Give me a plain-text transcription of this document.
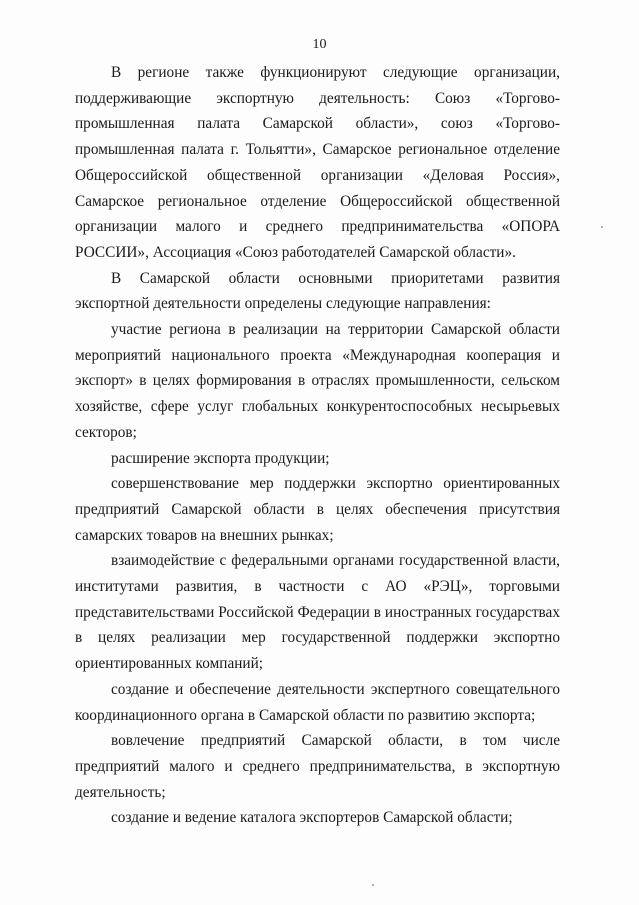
10

В регионе также функционируют следующие организации, поддерживающие экспортную деятельность: Союз «Торгово-промышленная палата Самарской области», союз «Торгово-промышленная палата г. Тольятти», Самарское региональное отделение Общероссийской общественной организации «Деловая Россия», Самарское региональное отделение Общероссийской общественной организации малого и среднего предпринимательства «ОПОРА РОССИИ», Ассоциация «Союз работодателей Самарской области».

В Самарской области основными приоритетами развития экспортной деятельности определены следующие направления:

участие региона в реализации на территории Самарской области мероприятий национального проекта «Международная кооперация и экспорт» в целях формирования в отраслях промышленности, сельском хозяйстве, сфере услуг глобальных конкурентоспособных несырьевых секторов;

расширение экспорта продукции;

совершенствование мер поддержки экспортно ориентированных предприятий Самарской области в целях обеспечения присутствия самарских товаров на внешних рынках;

взаимодействие с федеральными органами государственной власти, институтами развития, в частности с АО «РЭЦ», торговыми представительствами Российской Федерации в иностранных государствах в целях реализации мер государственной поддержки экспортно ориентированных компаний;

создание и обеспечение деятельности экспертного совещательного координационного органа в Самарской области по развитию экспорта;

вовлечение предприятий Самарской области, в том числе предприятий малого и среднего предпринимательства, в экспортную деятельность;

создание и ведение каталога экспортеров Самарской области;
